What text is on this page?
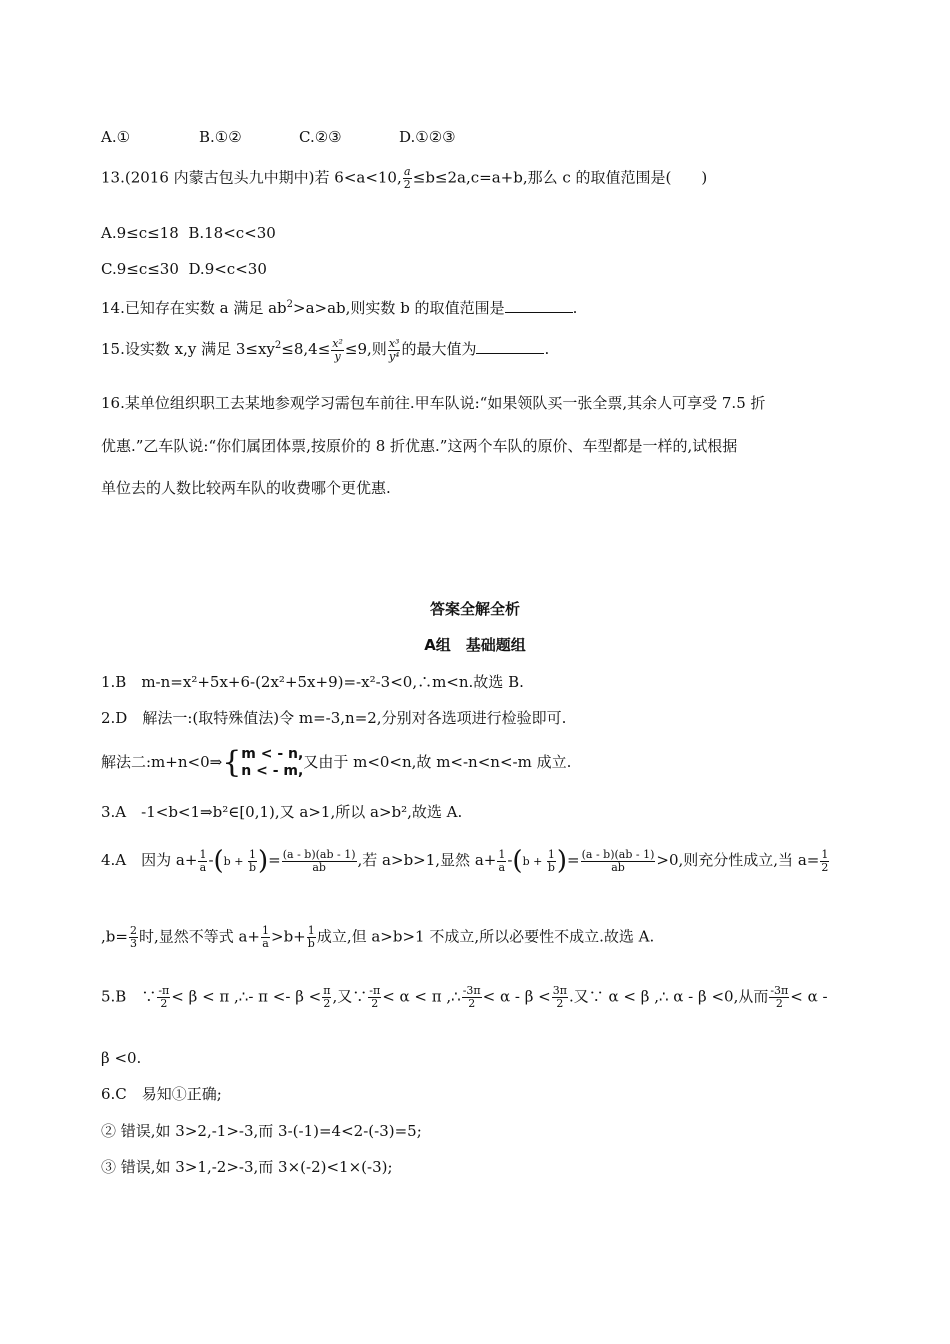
A.①	B.①②	C.②③	D.①②③
13.(2016 内蒙古包头九中期中)若 6<a<10, $\frac{a}{2} \le b\le 2a,c=a+b$,那么 c 的取值范围是(　　)
A.9≤c≤18 B.18<c<30
C.9≤c≤30 D.9<c<30
14.已知存在实数 a 满足 $ab^2>a>ab$,则实数 b 的取值范围是	.
15.设实数 x,y 满足 $3\le xy^2\le 8,4\le \frac{\text{x²}}{y} \le 9$,则 $\frac{\text{x³}}{\text{y⁴}}$ 的最大值为	.
16.某单位组织职工去某地参观学习需包车前往.甲车队说:“如果领队买一张全票,其余人可享受 7.5 折
优惠.”乙车队说:“你们属团体票,按原价的 8 折优惠.”这两个车队的原价、车型都是一样的,试根据
单位去的人数比较两车队的收费哪个更优惠.
答案全解全析
A组　基础题组
1.B　m-n=x²+5x+6-(2x²+5x+9)=-x²-3<0,∴m<n.故选 B.
2.D　解法一:(取特殊值法)令 m=-3,n=2,分别对各选项进行检验即可.
解法二:m+n<0⇒{ m < - n,
n < - m, 又由于 m<0<n,故 m<-n<n<-m 成立.
3.A　-1<b<1⇒b²∈[0,1),又 a>1,所以 a>b²,故选 A.
4.A　因为 $a+ \frac{1}{a} -(b + \frac{1}{b}$ )= $\frac{(a - b)(ab - 1)}{ab}$ ,若 a>b>1,显然 $a+ \frac{1}{a} -(b + \frac{1}{b}$ )= $\frac{(a - b)(ab - 1)}{ab} >0$,则充分性成立,当 $a= \frac{1}{2}$
$,b= \frac{2}{3}$ 时,显然不等式 $a+ \frac{1}{a} >b+ \frac{1}{b}$ 成立,但 a>b>1 不成立,所以必要性不成立.故选 A.
5.B　∵ $\frac{-\pi}{2} < \beta < \pi$ ,∴- $\pi <- \beta < \frac{\pi}{2}$ ,又∵ $\frac{-\pi}{2} < \alpha < \pi$ ,∴ $\frac{-3\pi}{2} < \alpha - \beta < \frac{3\pi}{2}$ .又∵ α < β ,∴ α - β <0,从而 $\frac{-3\pi}{2} < \alpha$ -
β <0.
6.C　易知①正确;
② 错误,如 3>2,-1>-3,而 3-(-1)=4<2-(-3)=5;
③ 错误,如 3>1,-2>-3,而 3×(-2)<1×(-3);
